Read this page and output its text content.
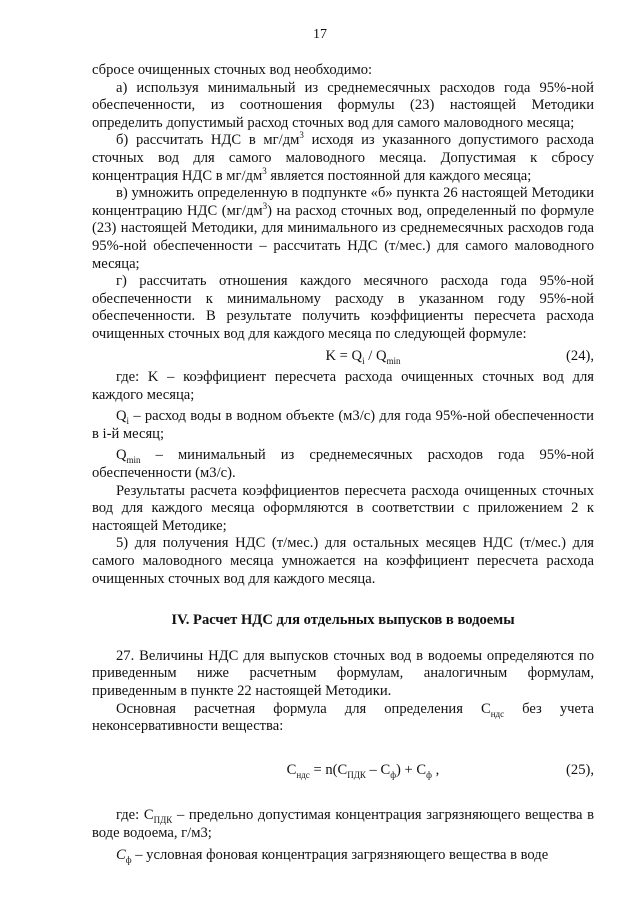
17

сбросе очищенных сточных вод необходимо:

а) используя минимальный из среднемесячных расходов года 95%-ной обеспеченности, из соотношения формулы (23) настоящей Методики определить допустимый расход сточных вод для самого маловодного месяца;

б) рассчитать НДС в $мг/дм^3$ исходя из указанного допустимого расхода сточных вод для самого маловодного месяца. Допустимая к сбросу концентрация НДС в $мг/дм^3$ является постоянной для каждого месяца;

в) умножить определенную в подпункте «б» пункта 26 настоящей Методики концентрацию НДС $(мг/дм^3)$ на расход сточных вод, определенный по формуле (23) настоящей Методики, для минимального из среднемесячных расходов года 95%-ной обеспеченности – рассчитать НДС (т/мес.) для самого маловодного месяца;

г) рассчитать отношения каждого месячного расхода года 95%-ной обеспеченности к минимальному расходу в указанном году 95%-ной обеспеченности. В результате получить коэффициенты пересчета расхода очищенных сточных вод для каждого месяца по следующей формуле:

$K = Q_i / Q_{min}$	(24),

где: K – коэффициент пересчета расхода очищенных сточных вод для каждого месяца;

$Q_i$ – расход воды в водном объекте (м3/с) для года 95%-ной обеспеченности в i-й месяц;

$Q_{min}$ – минимальный из среднемесячных расходов года 95%-ной обеспеченности (м3/с).

Результаты расчета коэффициентов пересчета расхода очищенных сточных вод для каждого месяца оформляются в соответствии с приложением 2 к настоящей Методике;

5) для получения НДС (т/мес.) для остальных месяцев НДС (т/мес.) для самого маловодного месяца умножается на коэффициент пересчета расхода очищенных сточных вод для каждого месяца.

IV. Расчет НДС для отдельных выпусков в водоемы

27. Величины НДС для выпусков сточных вод в водоемы определяются по приведенным ниже расчетным формулам, аналогичным формулам, приведенным в пункте 22 настоящей Методики.

Основная расчетная формула для определения $C_{ндс}$ без учета неконсервативности вещества:

$C_{ндс} = n(C_{ПДК} - C_ф) + C_ф$ ,	(25),

где: $C_{ПДК}$ – предельно допустимая концентрация загрязняющего вещества в воде водоема, г/м3;

$C_ф$ – условная фоновая концентрация загрязняющего вещества в воде
